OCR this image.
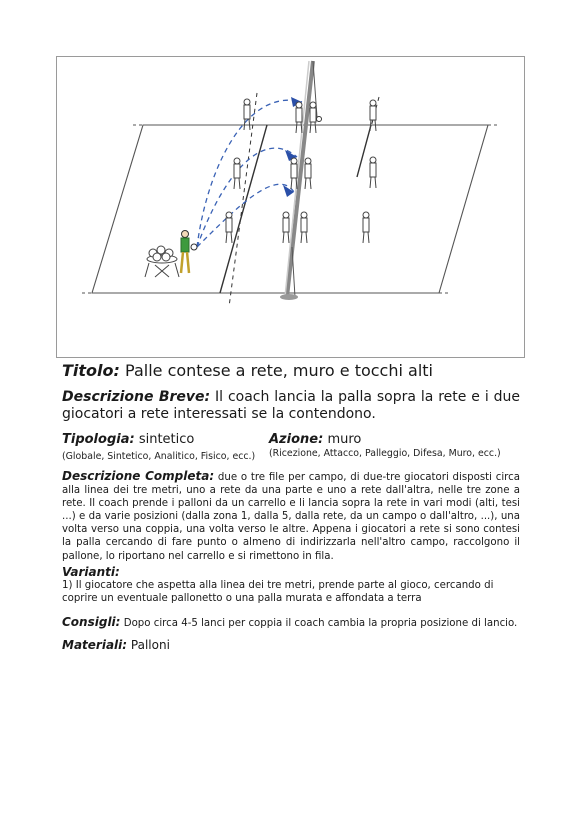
Titolo: Palle contese a rete, muro e tocchi alti
Descrizione Breve: Il coach lancia la palla sopra la rete e i due giocatori a rete interessati se la contendono.
Tipologia: sintetico	Azione: muro
(Globale, Sintetico, Analitico, Fisico, ecc.) (Ricezione, Attacco, Palleggio, Difesa, Muro, ecc.)
Descrizione Completa: due o tre file per campo, di due-tre giocatori disposti circa alla linea dei tre metri, uno a rete da una parte e uno a rete dall'altra, nelle tre zone a rete. Il coach prende i palloni da un carrello e li lancia sopra la rete in vari modi (alti, tesi ...) e da varie posizioni (dalla zona 1, dalla 5, dalla rete, da un campo o dall'altro, ...), una volta verso una coppia, una volta verso le altre. Appena i giocatori a rete si sono contesi la palla cercando di fare punto o almeno di indirizzarla nell'altro campo, raccolgono il pallone, lo riportano nel carrello e si rimettono in fila.
Varianti:
1) Il giocatore che aspetta alla linea dei tre metri, prende parte al gioco, cercando di coprire un eventuale pallonetto o una palla murata e affondata a terra
Consigli: Dopo circa 4-5 lanci per coppia il coach cambia la propria posizione di lancio.
Materiali: Palloni
